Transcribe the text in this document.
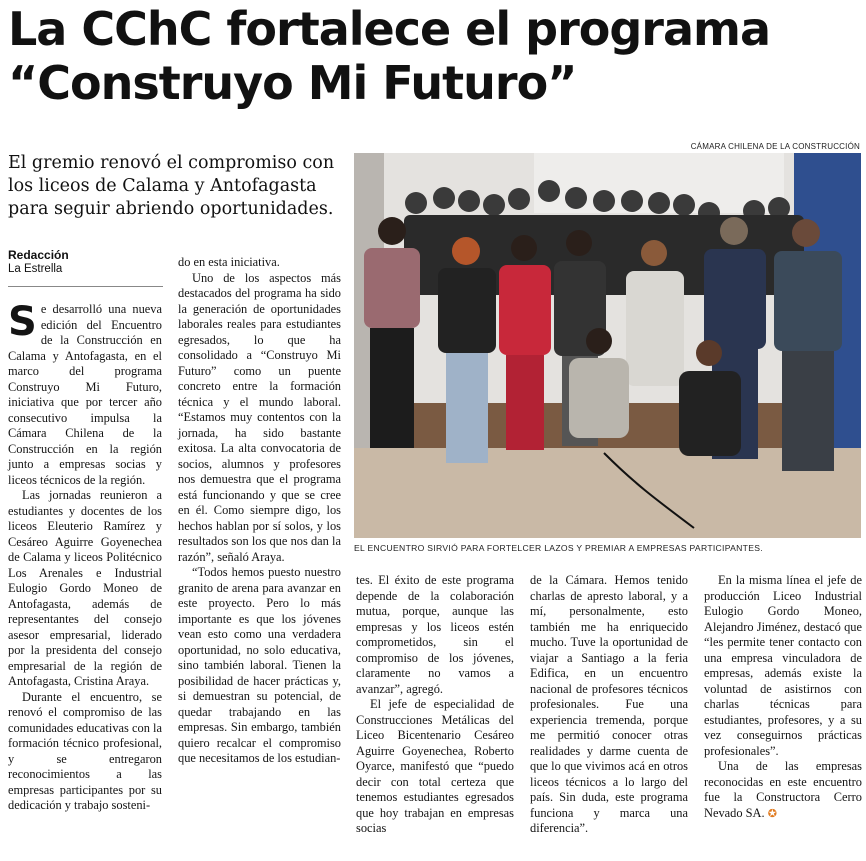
La CChC fortalece el programa “Construyo Mi Futuro”

El gremio renovó el compromiso con los liceos de Calama y Antofagasta para seguir abriendo oportunidades.

Redacción
La Estrella
CÁMARA CHILENA DE LA CONSTRUCCIÓN
EL ENCUENTRO SIRVIÓ PARA FORTELCER LAZOS Y PREMIAR A EMPRESAS PARTICIPANTES.

Se desarrolló una nueva edición del Encuentro de la Construcción en Calama y Antofagasta, en el marco del programa Construyo Mi Futuro, iniciativa que por tercer año consecutivo impulsa la Cámara Chilena de la Construcción en la región junto a empresas socias y liceos técnicos de la región.

Las jornadas reunieron a estudiantes y docentes de los liceos Eleuterio Ramírez y Cesáreo Aguirre Goyenechea de Calama y liceos Politécnico Los Arenales e Industrial Eulogio Gordo Moneo de Antofagasta, además de representantes del consejo asesor empresarial, liderado por la presidenta del consejo empresarial de la región de Antofagasta, Cristina Araya.

Durante el encuentro, se renovó el compromiso de las comunidades educativas con la formación técnico profesional, y se entregaron reconocimientos a las empresas participantes por su dedicación y trabajo sosteni-

do en esta iniciativa.

Uno de los aspectos más destacados del programa ha sido la generación de oportunidades laborales reales para estudiantes egresados, lo que ha consolidado a “Construyo Mi Futuro” como un puente concreto entre la formación técnica y el mundo laboral. “Estamos muy contentos con la jornada, ha sido bastante exitosa. La alta convocatoria de socios, alumnos y profesores nos demuestra que el programa está funcionando y que se cree en él. Como siempre digo, los hechos hablan por sí solos, y los resultados son los que nos dan la razón”, señaló Araya.

“Todos hemos puesto nuestro granito de arena para avanzar en este proyecto. Pero lo más importante es que los jóvenes vean esto como una verdadera oportunidad, no solo educativa, sino también laboral. Tienen la posibilidad de hacer prácticas y, si demuestran su potencial, de quedar trabajando en las empresas. Sin embargo, también quiero recalcar el compromiso que necesitamos de los estudian-

tes. El éxito de este programa depende de la colaboración mutua, porque, aunque las empresas y los liceos estén comprometidos, sin el compromiso de los jóvenes, claramente no vamos a avanzar”, agregó.

El jefe de especialidad de Construcciones Metálicas del Liceo Bicentenario Cesáreo Aguirre Goyenechea, Roberto Oyarce, manifestó que “puedo decir con total certeza que tenemos estudiantes egresados que hoy trabajan en empresas socias

de la Cámara. Hemos tenido charlas de apresto laboral, y a mí, personalmente, esto también me ha enriquecido mucho. Tuve la oportunidad de viajar a Santiago a la feria Edifica, en un encuentro nacional de profesores técnicos profesionales. Fue una experiencia tremenda, porque me permitió conocer otras realidades y darme cuenta de que lo que vivimos acá en otros liceos técnicos a lo largo del país. Sin duda, este programa funciona y marca una diferencia”.

En la misma línea el jefe de producción Liceo Industrial Eulogio Gordo Moneo, Alejandro Jiménez, destacó que “les permite tener contacto con una empresa vinculadora de empresas, además existe la voluntad de asistirnos con charlas técnicas para estudiantes, profesores, y a su vez conseguirnos prácticas profesionales”.

Una de las empresas reconocidas en este encuentro fue la Constructora Cerro Nevado SA. ✪
